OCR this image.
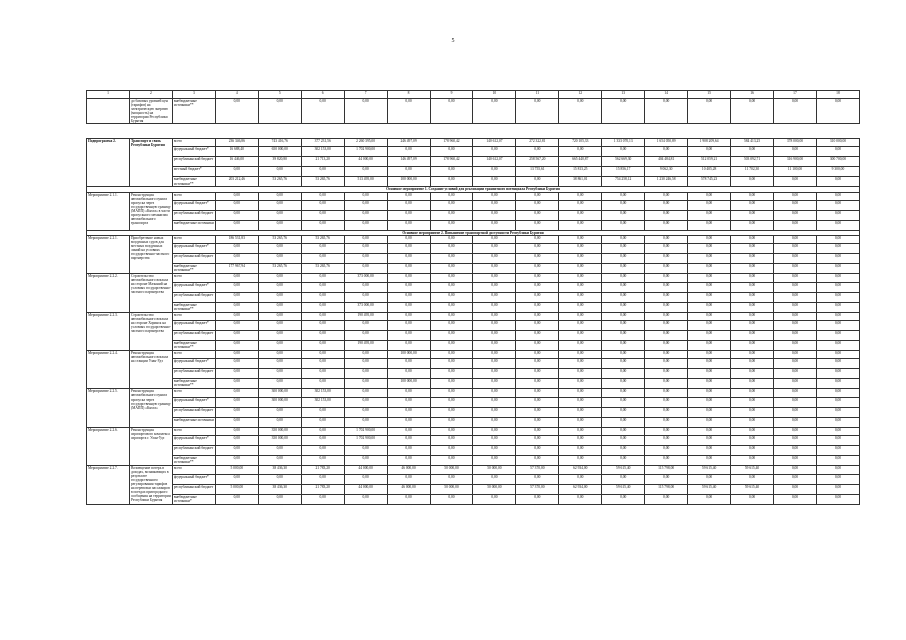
5
1	2	3	4	5	6	7	8	9	10	11	12	13	14	15	16	17	18
	до базовых уровней цен (тарифов) на электрическую энергию (мощность) на территории Республики Бурятия	внебюджетные источники**	0,00	0,00	0,00	0,00	0,00	0,00	0,00	0,00	0,00	0,00	0,00	0,00	0,00	0,00	0,00

Подпрограмма 2.	Транспорт и связь Республики Бурятия	всего	236 346,86	743 416,76	377 231,56	2 260 395,00	246 497,09	178 960,42	140 612,07	272 322,81	720 105,33	1 333 070,13	1 654 050,89	1 908 209,64	584 413,25	378 000,00	310 000,00
		федеральный бюджет*	16 688,40	650 000,00	302 153,00	1 702 900,00	0,00	0,00	0,00	0,00	0,00	0,00	0,00	0,00	0,00	0,00	0,00
		республиканский бюджет	16 446,00	39 820,80	21 713,20	44 000,00	146 497,09	178 960,42	140 612,07	258 567,20	665 440,87	562 669,30	404 484,81	512 059,21	503 092,71	316 900,00	300 700,00
		местный бюджет*	0,00	0,00	0,00	0,00	0,00	0,00	0,00	13 755,61	15 813,25	15 856,17	9 062,30	10 405,28	11 702,30	11 100,00	9 300,00
		внебюджетные источники**	203 212,46	53 265,76	53 265,76	513 495,00	100 000,00	0,00	0,00	0,00	38 861,01	754 258,12	1 230 246,58	578 745,23	0,00	0,00	0,00
Основное мероприятие 1. Создание условий для реализации транзитного потенциала Республики Бурятия																	
Мероприятие 2.1.1.	Реконструкция автомобильного пункта пропуска через государственную границу (МАПП) «Кяхта» в части пропускного механизма автомобильного транспорта	всего	0,00	0,00	0,00	0,00	0,00	0,00	0,00	0,00	0,00	0,00	0,00	0,00	0,00	0,00	0,00
		федеральный бюджет*	0,00	0,00	0,00	0,00	0,00	0,00	0,00	0,00	0,00	0,00	0,00	0,00	0,00	0,00	0,00
		республиканский бюджет	0,00	0,00	0,00	0,00	0,00	0,00	0,00	0,00	0,00	0,00	0,00	0,00	0,00	0,00	0,00
		внебюджетные источники	0,00	0,00	0,00	0,00	0,00	0,00	0,00	0,00	0,00	0,00	0,00	0,00	0,00	0,00	0,00
Основное мероприятие 2. Повышение транспортной доступности Республики Бурятия																	
Мероприятие 2.2.1.	Приобретение новых воздушных судов для местных воздушных линий на условиях государственно-частного партнерства	всего	186 531,83	53 265,76	53 265,76	0,00	0,00	0,00	0,00	0,00	0,00	0,00	0,00	0,00	0,00	0,00	0,00
		федеральный бюджет*	0,00	0,00	0,00	0,00	0,00	0,00	0,00	0,00	0,00	0,00	0,00	0,00	0,00	0,00	0,00
		республиканский бюджет	0,00	0,00	0,00	0,00	0,00	0,00	0,00	0,00	0,00	0,00	0,00	0,00	0,00	0,00	0,00
		внебюджетные источники**	177 967,94	53 265,76	53 265,76	0,00	0,00	0,00	0,00	0,00	0,00	0,00	0,00	0,00	0,00	0,00	0,00
Мероприятие 2.2.2.	Строительство автомобильного вокзала на стороне Мазыний на условиях государственно-частного партнерства	всего	0,00	0,00	0,00	373 000,00	0,00	0,00	0,00	0,00	0,00	0,00	0,00	0,00	0,00	0,00	0,00
		федеральный бюджет*	0,00	0,00	0,00	0,00	0,00	0,00	0,00	0,00	0,00	0,00	0,00	0,00	0,00	0,00	0,00
		республиканский бюджет	0,00	0,00	0,00	0,00	0,00	0,00	0,00	0,00	0,00	0,00	0,00	0,00	0,00	0,00	0,00
		внебюджетные источники**	0,00	0,00	0,00	373 000,00	0,00	0,00	0,00	0,00	0,00	0,00	0,00	0,00	0,00	0,00	0,00
Мероприятие 2.2.3.	Строительство автомобильного вокзала на стороне Хоринск на условиях государственно-частного партнерства	всего	0,00	0,00	0,00	190 495,00	0,00	0,00	0,00	0,00	0,00	0,00	0,00	0,00	0,00	0,00	0,00
		федеральный бюджет*	0,00	0,00	0,00	0,00	0,00	0,00	0,00	0,00	0,00	0,00	0,00	0,00	0,00	0,00	0,00
		республиканский бюджет	0,00	0,00	0,00	0,00	0,00	0,00	0,00	0,00	0,00	0,00	0,00	0,00	0,00	0,00	0,00
		внебюджетные источники**	0,00	0,00	0,00	190 495,00	0,00	0,00	0,00	0,00	0,00	0,00	0,00	0,00	0,00	0,00	0,00
Мероприятие 2.2.4.	Реконструкция автомобильного вокзала на станции Улан-Удэ	всего	0,00	0,00	0,00	0,00	100 000,00	0,00	0,00	0,00	0,00	0,00	0,00	0,00	0,00	0,00	0,00
		федеральный бюджет*	0,00	0,00	0,00	0,00	0,00	0,00	0,00	0,00	0,00	0,00	0,00	0,00	0,00	0,00	0,00
		республиканский бюджет	0,00	0,00	0,00	0,00	0,00	0,00	0,00	0,00	0,00	0,00	0,00	0,00	0,00	0,00	0,00
		внебюджетные источники**	0,00	0,00	0,00	0,00	100 000,00	0,00	0,00	0,00	0,00	0,00	0,00	0,00	0,00	0,00	0,00
Мероприятие 2.2.5.	Реконструкция автомобильного пункта пропуска через государственную границу (МАПП) «Кяхта»	всего	0,00	300 000,00	302 153,00	0,00	0,00	0,00	0,00	0,00	0,00	0,00	0,00	0,00	0,00	0,00	0,00
		федеральный бюджет*	0,00	300 000,00	302 153,00	0,00	0,00	0,00	0,00	0,00	0,00	0,00	0,00	0,00	0,00	0,00	0,00
		республиканский бюджет	0,00	0,00	0,00	0,00	0,00	0,00	0,00	0,00	0,00	0,00	0,00	0,00	0,00	0,00	0,00
		внебюджетные источники	0,00	0,00	0,00	0,00	0,00	0,00	0,00	0,00	0,00	0,00	0,00	0,00	0,00	0,00	0,00
Мероприятие 2.2.6.	Реконструкция аэропортового комплекса аэропорта г. Улан-Удэ	всего	0,00	350 000,00	0,00	1 702 900,00	0,00	0,00	0,00	0,00	0,00	0,00	0,00	0,00	0,00	0,00	0,00
		федеральный бюджет*	0,00	350 000,00	0,00	1 702 900,00	0,00	0,00	0,00	0,00	0,00	0,00	0,00	0,00	0,00	0,00	0,00
		республиканский бюджет	0,00	0,00	0,00	0,00	0,00	0,00	0,00	0,00	0,00	0,00	0,00	0,00	0,00	0,00	0,00
		внебюджетные источники**	0,00	0,00	0,00	0,00	0,00	0,00	0,00	0,00	0,00	0,00	0,00	0,00	0,00	0,00	0,00
Мероприятие 2.2.7.	Возмещение потерь в доходах, возникающих в результате государственного регулирования тарифов на перевозки пассажиров в поездах пригородного сообщения на территории Республики Бурятия	всего	5 000,00	38 436,30	21 783,20	44 000,00	46 000,00	50 000,00	50 000,00	57 370,00	62 934,00	59 615,40	115 798,00	59 615,40	59 615,40	0,00	0,00
		федеральный бюджет*	0,00	0,00	0,00	0,00	0,00	0,00	0,00	0,00	0,00	0,00	0,00	0,00	0,00	0,00	0,00
		республиканский бюджет	5 000,00	38 436,30	21 783,20	44 000,00	46 000,00	50 000,00	50 000,00	57 370,00	62 934,00	59 615,40	115 798,00	59 615,40	59 615,40	0,00	0,00
		внебюджетные источники*	0,00	0,00	0,00	0,00	0,00	0,00	0,00	0,00	0,00	0,00	0,00	0,00	0,00	0,00	0,00
